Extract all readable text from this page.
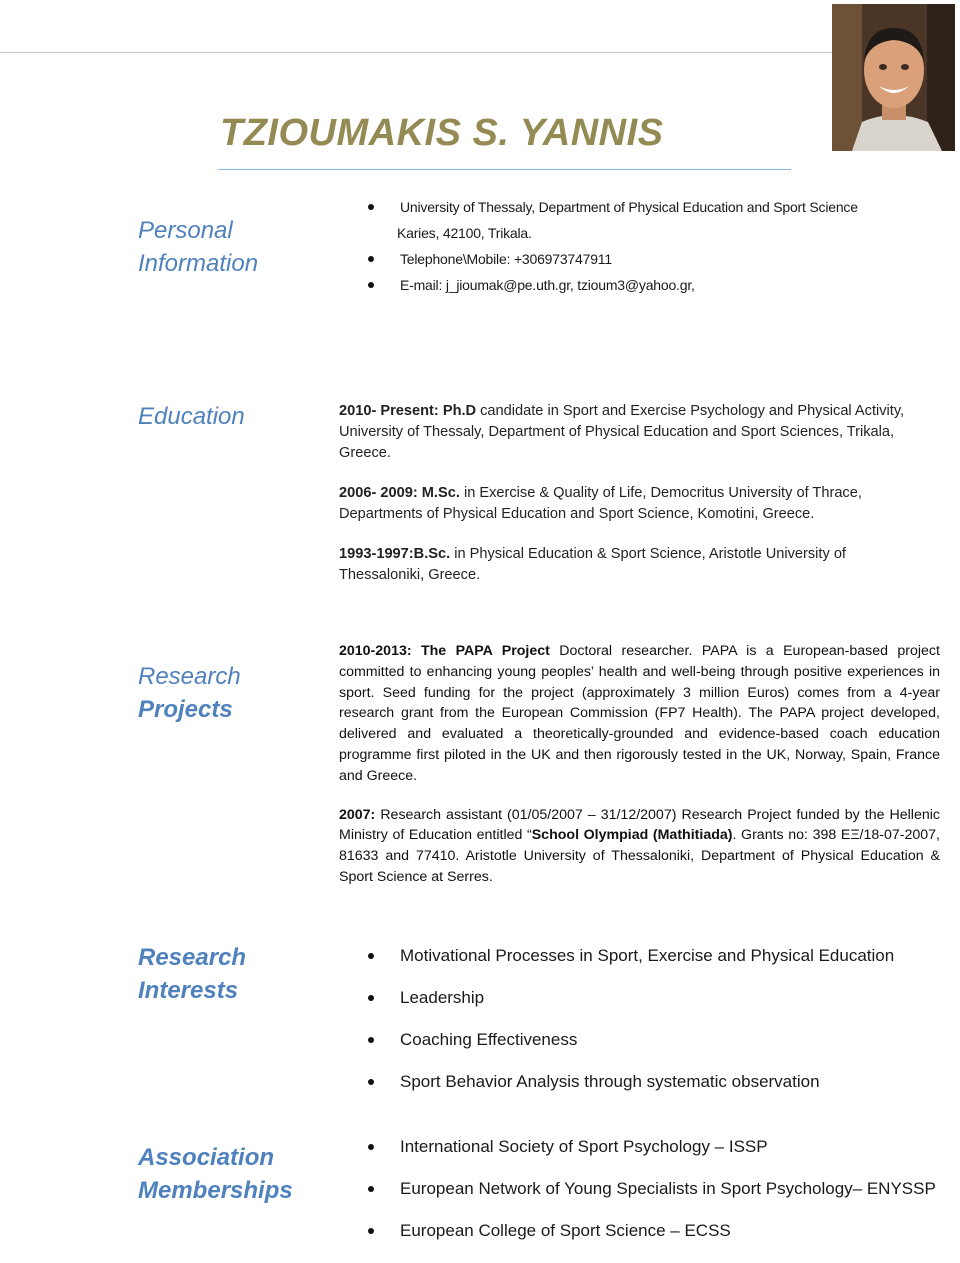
TZIOUMAKIS S. YANNIS
Personal
Information
University of Thessaly, Department of Physical Education and Sport Science
Karies, 42100, Trikala.
Telephone\Mobile: +306973747911
E-mail: j_jioumak@pe.uth.gr, tzioum3@yahoo.gr,
Education	2010- Present: Ph.D candidate in Sport and Exercise Psychology and Physical Activity, University of Thessaly, Department of Physical Education and Sport Sciences, Trikala, Greece.

2006- 2009: M.Sc. in Exercise & Quality of Life, Democritus University of Thrace, Departments of Physical Education and Sport Science, Komotini, Greece.

1993-1997:B.Sc. in Physical Education & Sport Science, Aristotle University of Thessaloniki, Greece.

Research
Projects

2010-2013: The PAPA Project Doctoral researcher. PAPA is a European-based project committed to enhancing young peoples’ health and well-being through positive experiences in sport. Seed funding for the project (approximately 3 million Euros) comes from a 4-year research grant from the European Commission (FP7 Health). The PAPA project developed, delivered and evaluated a theoretically-grounded and evidence-based coach education programme first piloted in the UK and then rigorously tested in the UK, Norway, Spain, France and Greece.

2007: Research assistant (01/05/2007 – 31/12/2007) Research Project funded by the Hellenic Ministry of Education entitled “School Olympiad (Mathitiada). Grants no: 398 ΕΞ/18-07-2007, 81633 and 77410. Aristotle University of Thessaloniki, Department of Physical Education & Sport Science at Serres.

Research
Interests
Motivational Processes in Sport, Exercise and Physical Education
Leadership
Coaching Effectiveness
Sport Behavior Analysis through systematic observation
Association
Memberships
International Society of Sport Psychology – ISSP
European Network of Young Specialists in Sport Psychology– ENYSSP
European College of Sport Science – ECSS
